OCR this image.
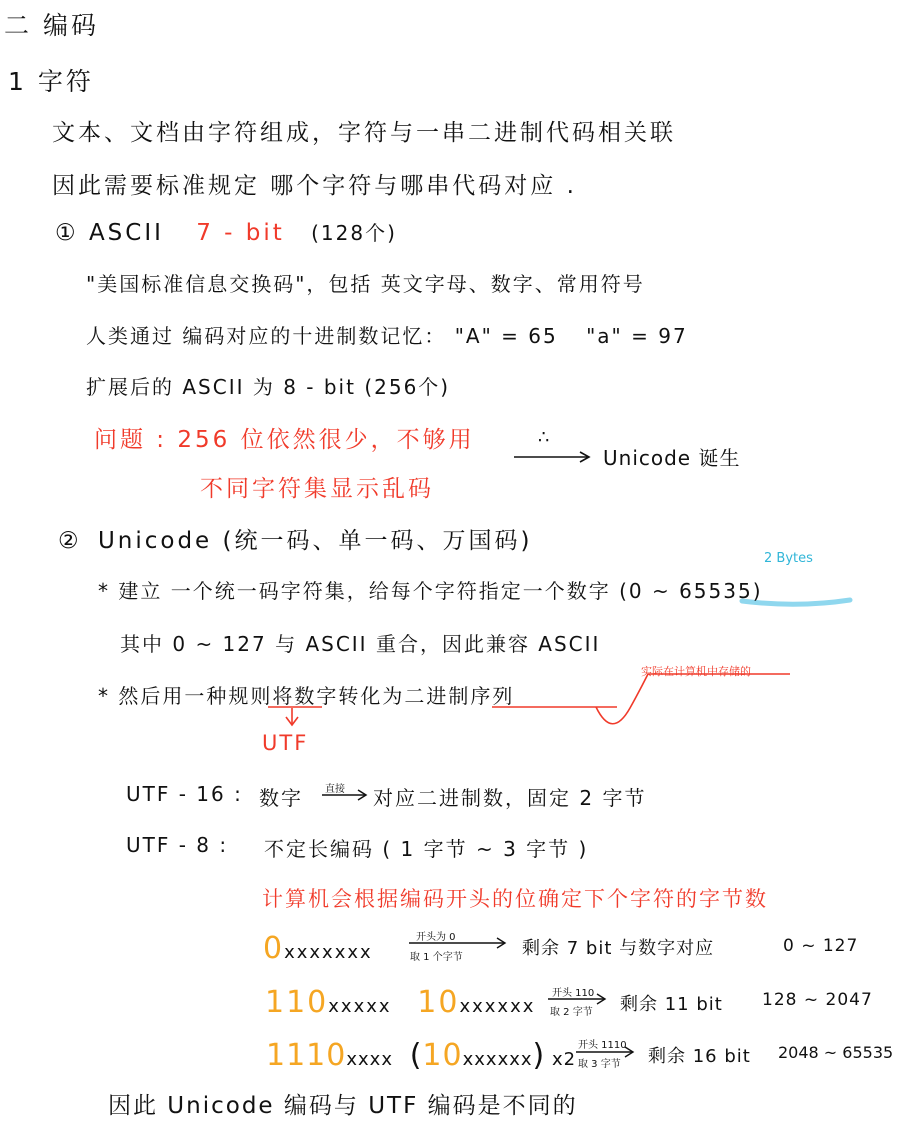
二 编码
1 字符
文本、文档由字符组成，字符与一串二进制代码相关联
因此需要标准规定 哪个字符与哪串代码对应 .
① ASCII 7 - bit (128个)
"美国标准信息交换码"，包括 英文字母、数字、常用符号
人类通过 编码对应的十进制数记忆： "A" = 65 "a" = 97
扩展后的 ASCII 为 8 - bit (256个)
问题 : 256 位依然很少，不够用
不同字符集显示乱码
∴
Unicode 诞生
② Unicode (统一码、单一码、万国码)
2 Bytes
* 建立 一个统一码字符集，给每个字符指定一个数字 (0 ~ 65535)
其中 0 ~ 127 与 ASCII 重合，因此兼容 ASCII
实际在计算机中存储的
* 然后用一种规则将数字转化为二进制序列
UTF
UTF - 16 : 数字 直接 对应二进制数，固定 2 字节
UTF - 8 : 不定长编码 ( 1 字节 ~ 3 字节 )
计算机会根据编码开头的位确定下个字符的字节数
0xxxxxxx
开头为 0
取 1 个字节	剩余 7 bit 与数字对应	0 ~ 127
110xxxxx 10xxxxxx
开头 110
取 2 字节 剩余 11 bit 128 ~ 2047
1110xxxx (10xxxxxx) x2
开头 1110
取 3 字节 剩余 16 bit 2048 ~ 65535
因此 Unicode 编码与 UTF 编码是不同的
